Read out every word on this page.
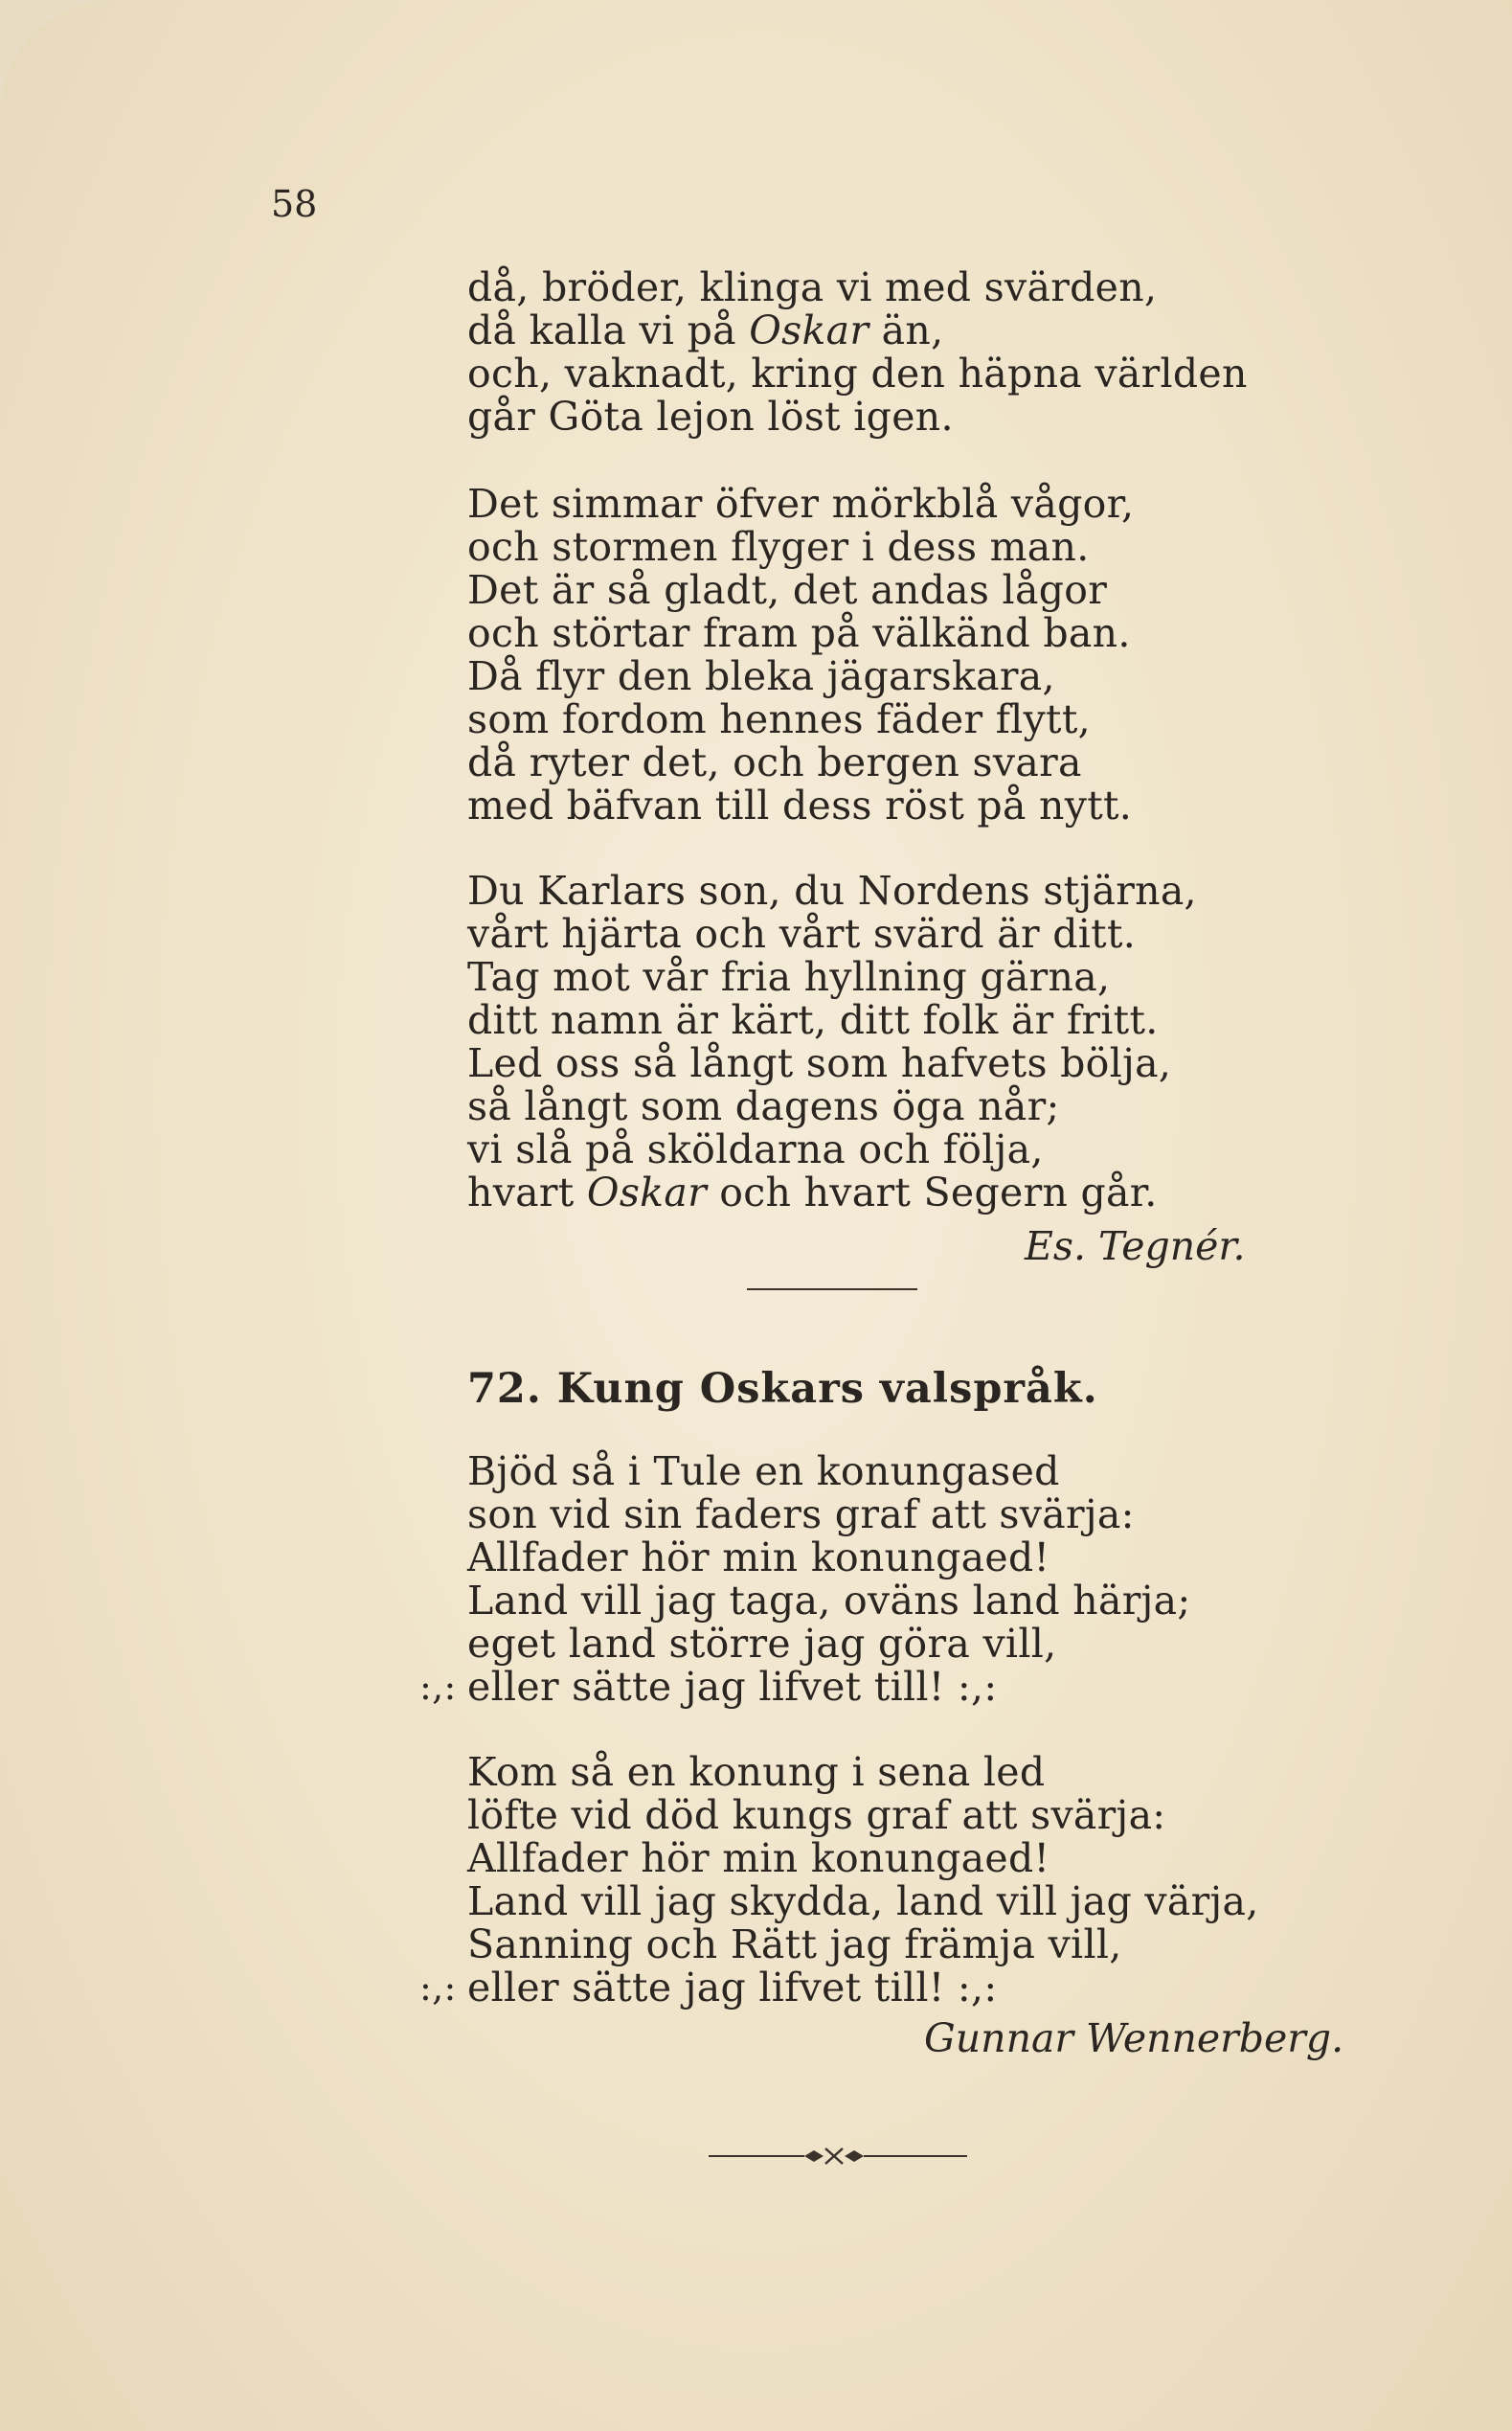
58
då, bröder, klinga vi med svärden,
då kalla vi på Oskar än,
och, vaknadt, kring den häpna världen
går Göta lejon löst igen.
Det simmar öfver mörkblå vågor,
och stormen flyger i dess man.
Det är så gladt, det andas lågor
och störtar fram på välkänd ban.
Då flyr den bleka jägarskara,
som fordom hennes fäder flytt,
då ryter det, och bergen svara
med bäfvan till dess röst på nytt.
Du Karlars son, du Nordens stjärna,
vårt hjärta och vårt svärd är ditt.
Tag mot vår fria hyllning gärna,
ditt namn är kärt, ditt folk är fritt.
Led oss så långt som hafvets bölja,
så långt som dagens öga når;
vi slå på sköldarna och följa,
hvart Oskar och hvart Segern går.
Es. Tegnér.
72. Kung Oskars valspråk.
Bjöd så i Tule en konungased
son vid sin faders graf att svärja:
Allfader hör min konungaed!
Land vill jag taga, oväns land härja;
eget land större jag göra vill,
:,: eller sätte jag lifvet till! :,:
Kom så en konung i sena led
löfte vid död kungs graf att svärja:
Allfader hör min konungaed!
Land vill jag skydda, land vill jag värja,
Sanning och Rätt jag främja vill,
:,: eller sätte jag lifvet till! :,:
Gunnar Wennerberg.
